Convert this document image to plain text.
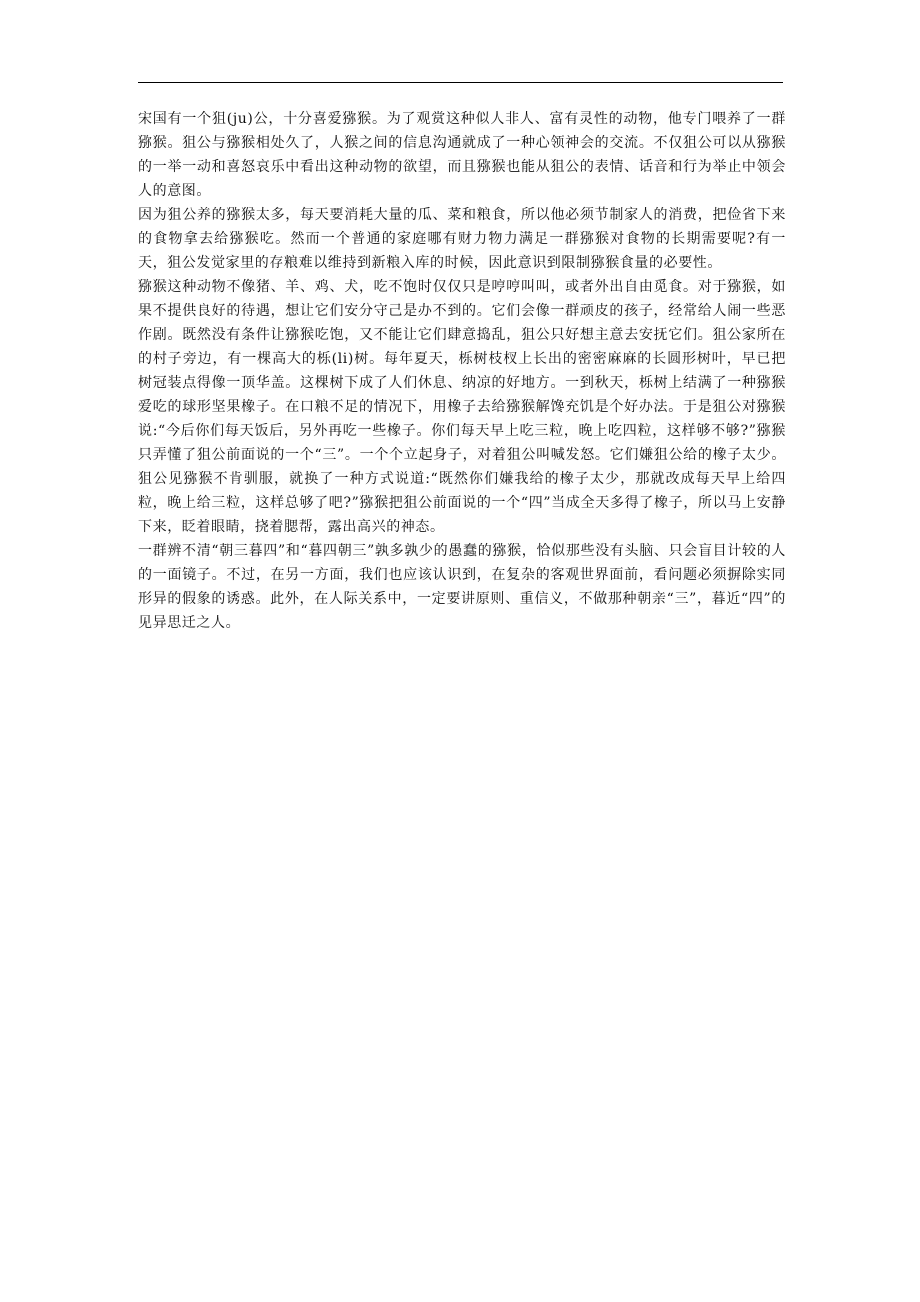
宋国有一个狙(ju)公，十分喜爱猕猴。为了观赏这种似人非人、富有灵性的动物，他专门喂养了一群猕猴。狙公与猕猴相处久了，人猴之间的信息沟通就成了一种心领神会的交流。不仅狙公可以从猕猴的一举一动和喜怒哀乐中看出这种动物的欲望，而且猕猴也能从狙公的表情、话音和行为举止中领会人的意图。

因为狙公养的猕猴太多，每天要消耗大量的瓜、菜和粮食，所以他必须节制家人的消费，把俭省下来的食物拿去给猕猴吃。然而一个普通的家庭哪有财力物力满足一群猕猴对食物的长期需要呢?有一天，狙公发觉家里的存粮难以维持到新粮入库的时候，因此意识到限制猕猴食量的必要性。

猕猴这种动物不像猪、羊、鸡、犬，吃不饱时仅仅只是哼哼叫叫，或者外出自由觅食。对于猕猴，如果不提供良好的待遇，想让它们安分守己是办不到的。它们会像一群顽皮的孩子，经常给人闹一些恶作剧。既然没有条件让猕猴吃饱，又不能让它们肆意捣乱，狙公只好想主意去安抚它们。狙公家所在的村子旁边，有一棵高大的栎(li)树。每年夏天，栎树枝杈上长出的密密麻麻的长圆形树叶，早已把树冠装点得像一顶华盖。这棵树下成了人们休息、纳凉的好地方。一到秋天，栎树上结满了一种猕猴爱吃的球形坚果橡子。在口粮不足的情况下，用橡子去给猕猴解馋充饥是个好办法。于是狙公对猕猴说:“今后你们每天饭后，另外再吃一些橡子。你们每天早上吃三粒，晚上吃四粒，这样够不够?”猕猴只弄懂了狙公前面说的一个“三”。一个个立起身子，对着狙公叫喊发怒。它们嫌狙公给的橡子太少。狙公见猕猴不肯驯服，就换了一种方式说道:“既然你们嫌我给的橡子太少，那就改成每天早上给四粒，晚上给三粒，这样总够了吧?”猕猴把狙公前面说的一个“四”当成全天多得了橡子，所以马上安静下来，眨着眼睛，挠着腮帮，露出高兴的神态。

一群辨不清“朝三暮四”和“暮四朝三”孰多孰少的愚蠢的猕猴，恰似那些没有头脑、只会盲目计较的人的一面镜子。不过，在另一方面，我们也应该认识到，在复杂的客观世界面前，看问题必须摒除实同形异的假象的诱惑。此外，在人际关系中，一定要讲原则、重信义，不做那种朝亲“三”，暮近“四”的见异思迁之人。
